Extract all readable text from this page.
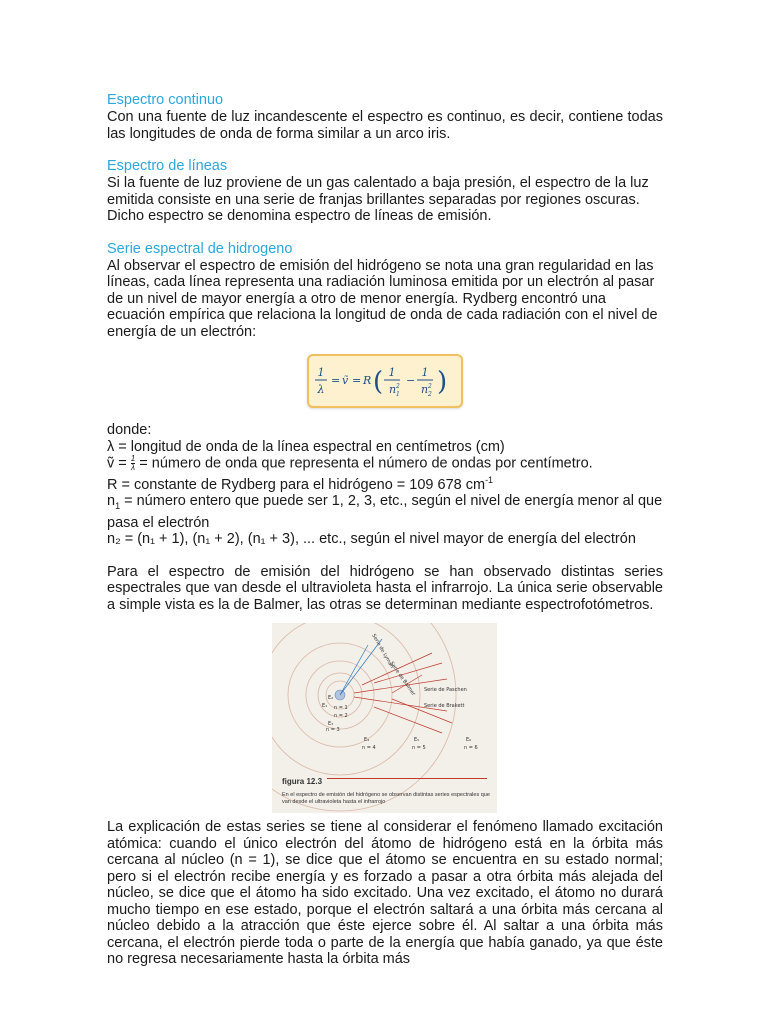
Espectro continuo

Con una fuente de luz incandescente el espectro es continuo, es decir, contiene todas las longitudes de onda de forma similar a un arco iris.

Espectro de líneas

Si la fuente de luz proviene de un gas calentado a baja presión, el espectro de la luz emitida consiste en una serie de franjas brillantes separadas por regiones oscuras. Dicho espectro se denomina espectro de líneas de emisión.

Serie espectral de hidrogeno

Al observar el espectro de emisión del hidrógeno se nota una gran regularidad en las líneas, cada línea representa una radiación luminosa emitida por un electrón al pasar de un nivel de mayor energía a otro de menor energía. Rydberg encontró una ecuación empírica que relaciona la longitud de onda de cada radiación con el nivel de energía de un electrón:

1
λ
= ṽ = R ( 1
n 1
2 −
1
n 2
2 )

donde:

λ = longitud de onda de la línea espectral en centímetros (cm)

ṽ = $\frac{1}{\lambda}$ = número de onda que representa el número de ondas por centímetro.

R = constante de Rydberg para el hidrógeno = 109 678 $cm^{-1}$

$n_1$ = número entero que puede ser 1, 2, 3, etc., según el nivel de energía menor al que pasa el electrón

n₂ = (n₁ + 1), (n₁ + 2), (n₁ + 3), ... etc., según el nivel mayor de energía del electrón

Para el espectro de emisión del hidrógeno se han observado distintas series espectrales que van desde el ultravioleta hasta el infrarrojo. La única serie observable a simple vista es la de Balmer, las otras se determinan mediante espectrofotómetros.

Serie de Lyman
Serie de Balmer Serie de Paschen
Serie de Brakett
n = 1
n = 2
n = 3
n = 4	n = 5	n = 6
E₁
E₂
E₃
E₄	E₅	E₆
figura 12.3
En el espectro de emisión del hidrógeno se observan distintas series espectrales que van desde el ultravioleta hasta el infrarrojo

La explicación de estas series se tiene al considerar el fenómeno llamado excitación atómica: cuando el único electrón del átomo de hidrógeno está en la órbita más cercana al núcleo (n = 1), se dice que el átomo se encuentra en su estado normal; pero si el electrón recibe energía y es forzado a pasar a otra órbita más alejada del núcleo, se dice que el átomo ha sido excitado. Una vez excitado, el átomo no durará mucho tiempo en ese estado, porque el electrón saltará a una órbita más cercana al núcleo debido a la atracción que éste ejerce sobre él. Al saltar a una órbita más cercana, el electrón pierde toda o parte de la energía que había ganado, ya que éste no regresa necesariamente hasta la órbita más
